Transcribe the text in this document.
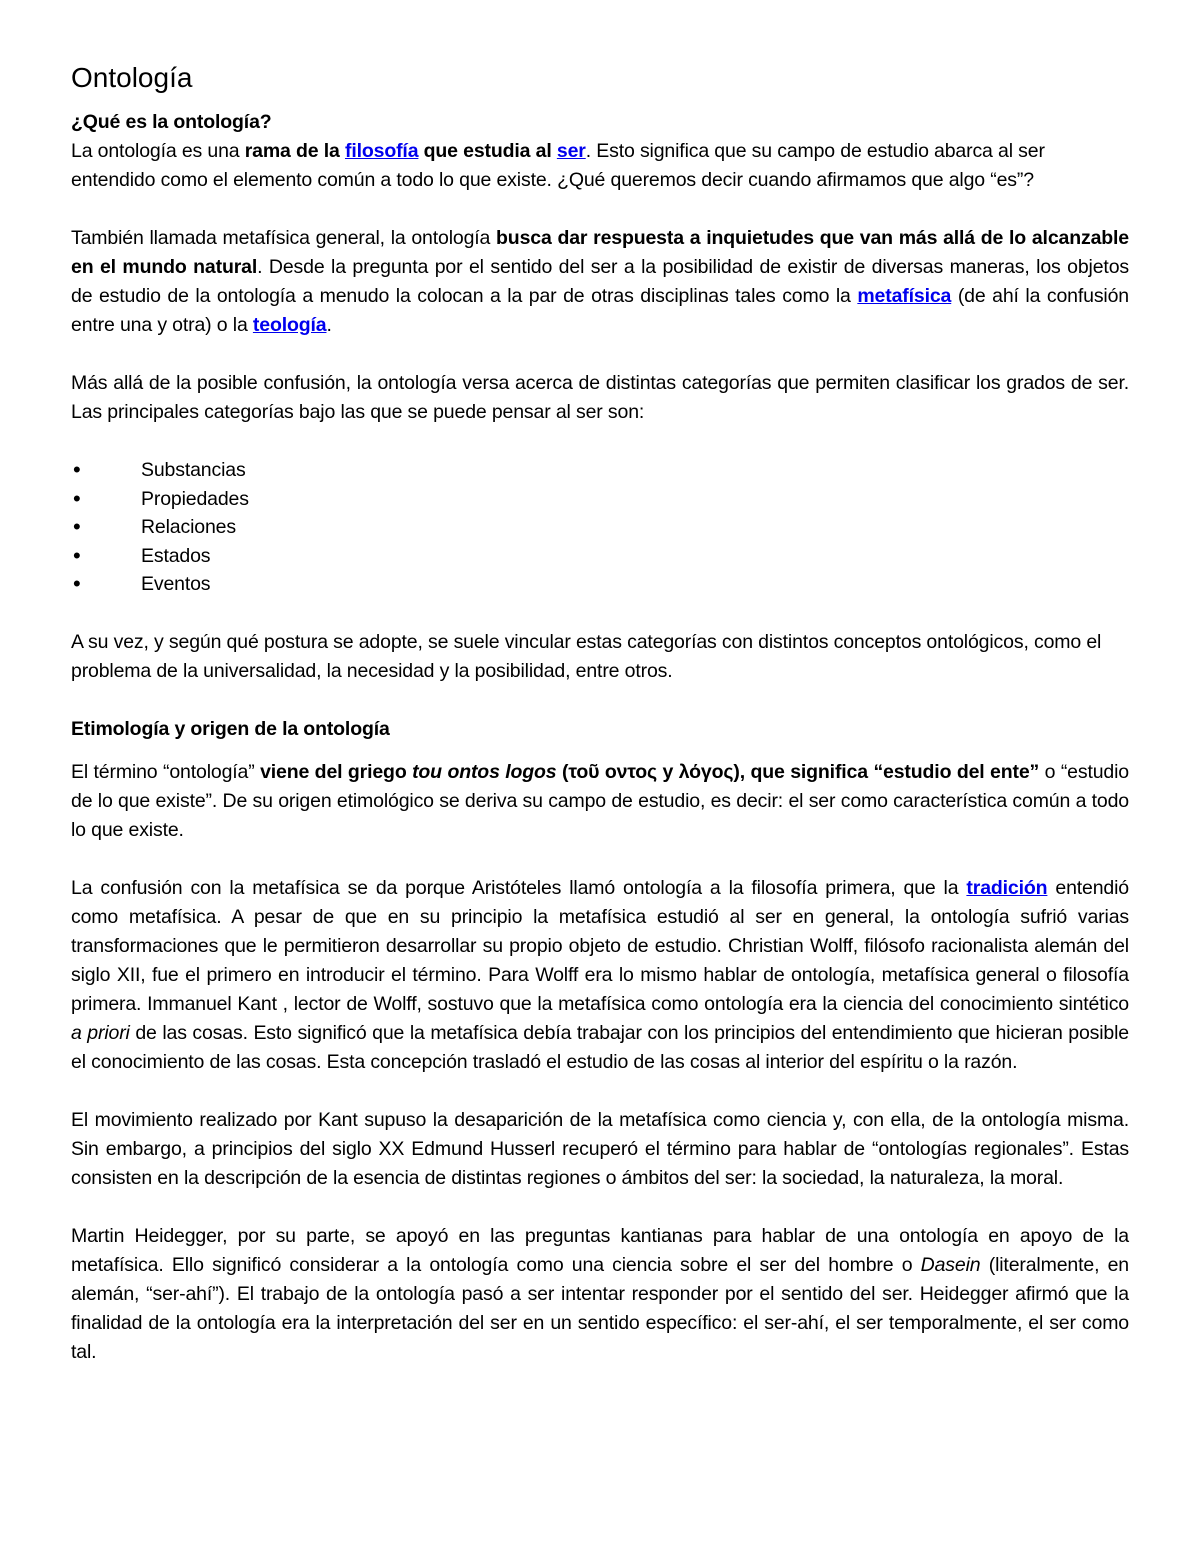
Ontología
¿Qué es la ontología?

La ontología es una rama de la filosofía que estudia al ser. Esto significa que su campo de estudio abarca al ser entendido como el elemento común a todo lo que existe. ¿Qué queremos decir cuando afirmamos que algo “es”?

También llamada metafísica general, la ontología busca dar respuesta a inquietudes que van más allá de lo alcanzable en el mundo natural. Desde la pregunta por el sentido del ser a la posibilidad de existir de diversas maneras, los objetos de estudio de la ontología a menudo la colocan a la par de otras disciplinas tales como la metafísica (de ahí la confusión entre una y otra) o la teología.

Más allá de la posible confusión, la ontología versa acerca de distintas categorías que permiten clasificar los grados de ser. Las principales categorías bajo las que se puede pensar al ser son:

•	Substancias
•	Propiedades
•	Relaciones
•	Estados
•	Eventos

A su vez, y según qué postura se adopte, se suele vincular estas categorías con distintos conceptos ontológicos, como el problema de la universalidad, la necesidad y la posibilidad, entre otros.

Etimología y origen de la ontología

El término “ontología” viene del griego tou ontos logos (τοῦ οντος y λόγος), que significa “estudio del ente” o “estudio de lo que existe”. De su origen etimológico se deriva su campo de estudio, es decir: el ser como característica común a todo lo que existe.

La confusión con la metafísica se da porque Aristóteles llamó ontología a la filosofía primera, que la tradición entendió como metafísica. A pesar de que en su principio la metafísica estudió al ser en general, la ontología sufrió varias transformaciones que le permitieron desarrollar su propio objeto de estudio. Christian Wolff, filósofo racionalista alemán del siglo XII, fue el primero en introducir el término. Para Wolff era lo mismo hablar de ontología, metafísica general o filosofía primera. Immanuel Kant , lector de Wolff, sostuvo que la metafísica como ontología era la ciencia del conocimiento sintético a priori de las cosas. Esto significó que la metafísica debía trabajar con los principios del entendimiento que hicieran posible el conocimiento de las cosas. Esta concepción trasladó el estudio de las cosas al interior del espíritu o la razón.

El movimiento realizado por Kant supuso la desaparición de la metafísica como ciencia y, con ella, de la ontología misma. Sin embargo, a principios del siglo XX Edmund Husserl recuperó el término para hablar de “ontologías regionales”. Estas consisten en la descripción de la esencia de distintas regiones o ámbitos del ser: la sociedad, la naturaleza, la moral.

Martin Heidegger, por su parte, se apoyó en las preguntas kantianas para hablar de una ontología en apoyo de la metafísica. Ello significó considerar a la ontología como una ciencia sobre el ser del hombre o Dasein (literalmente, en alemán, “ser-ahí”). El trabajo de la ontología pasó a ser intentar responder por el sentido del ser. Heidegger afirmó que la finalidad de la ontología era la interpretación del ser en un sentido específico: el ser-ahí, el ser temporalmente, el ser como tal.
